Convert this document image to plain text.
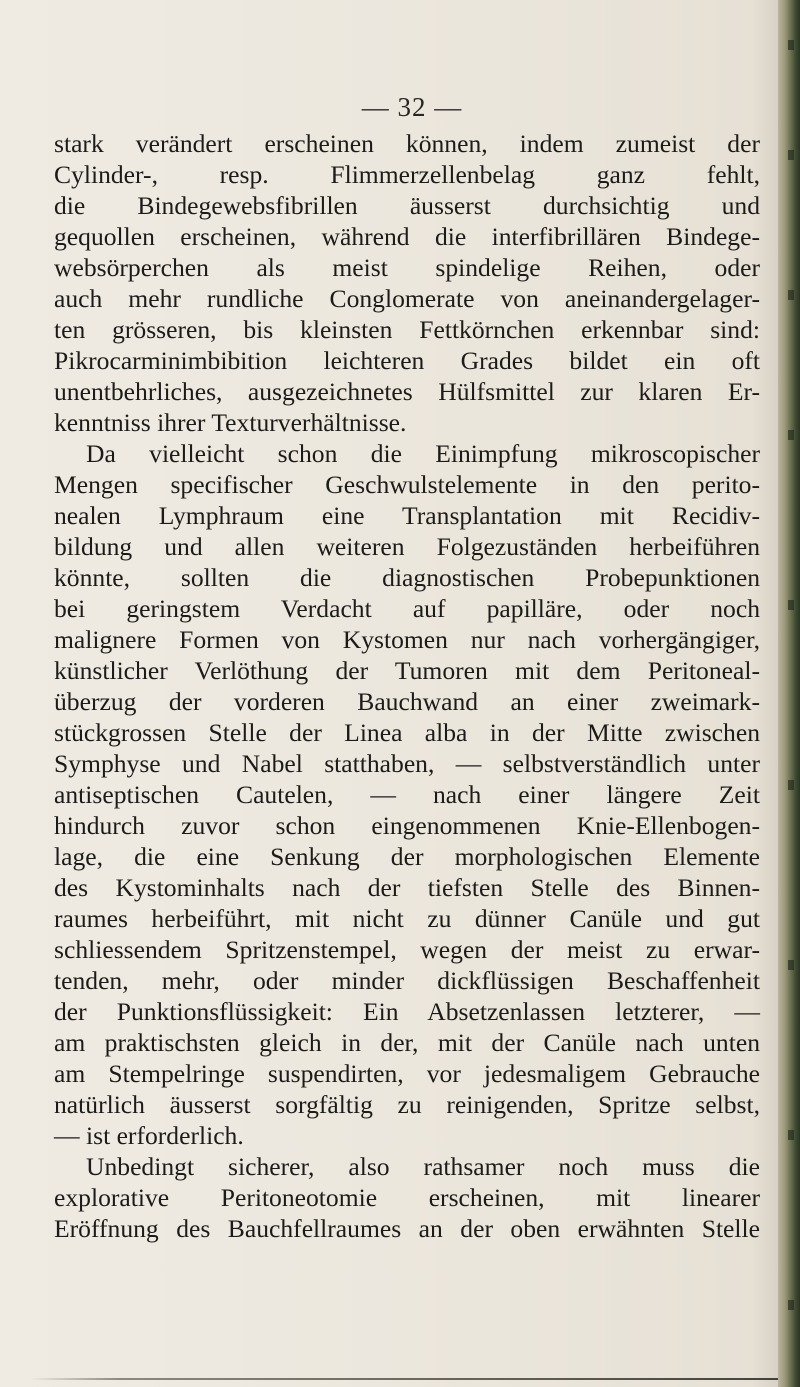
— 32 —
stark verändert erscheinen können, indem zumeist der
Cylinder-, resp. Flimmerzellenbelag ganz fehlt,
die Bindegewebsfibrillen äusserst durchsichtig und
gequollen erscheinen, während die interfibrillären Bindege-
websörperchen als meist spindelige Reihen, oder
auch mehr rundliche Conglomerate von aneinandergelager-
ten grösseren, bis kleinsten Fettkörnchen erkennbar sind:
Pikrocarminimbibition leichteren Grades bildet ein oft
unentbehrliches, ausgezeichnetes Hülfsmittel zur klaren Er-
kenntniss ihrer Texturverhältnisse.
Da vielleicht schon die Einimpfung mikroscopischer
Mengen specifischer Geschwulstelemente in den perito-
nealen Lymphraum eine Transplantation mit Recidiv-
bildung und allen weiteren Folgezuständen herbeiführen
könnte, sollten die diagnostischen Probepunktionen
bei geringstem Verdacht auf papilläre, oder noch
malignere Formen von Kystomen nur nach vorhergängiger,
künstlicher Verlöthung der Tumoren mit dem Peritoneal-
überzug der vorderen Bauchwand an einer zweimark-
stückgrossen Stelle der Linea alba in der Mitte zwischen
Symphyse und Nabel statthaben, — selbstverständlich unter
antiseptischen Cautelen, — nach einer längere Zeit
hindurch zuvor schon eingenommenen Knie-Ellenbogen-
lage, die eine Senkung der morphologischen Elemente
des Kystominhalts nach der tiefsten Stelle des Binnen-
raumes herbeiführt, mit nicht zu dünner Canüle und gut
schliessendem Spritzenstempel, wegen der meist zu erwar-
tenden, mehr, oder minder dickflüssigen Beschaffenheit
der Punktionsflüssigkeit: Ein Absetzenlassen letzterer, —
am praktischsten gleich in der, mit der Canüle nach unten
am Stempelringe suspendirten, vor jedesmaligem Gebrauche
natürlich äusserst sorgfältig zu reinigenden, Spritze selbst,
— ist erforderlich.
Unbedingt sicherer, also rathsamer noch muss die
explorative Peritoneotomie erscheinen, mit linearer
Eröffnung des Bauchfellraumes an der oben erwähnten Stelle
